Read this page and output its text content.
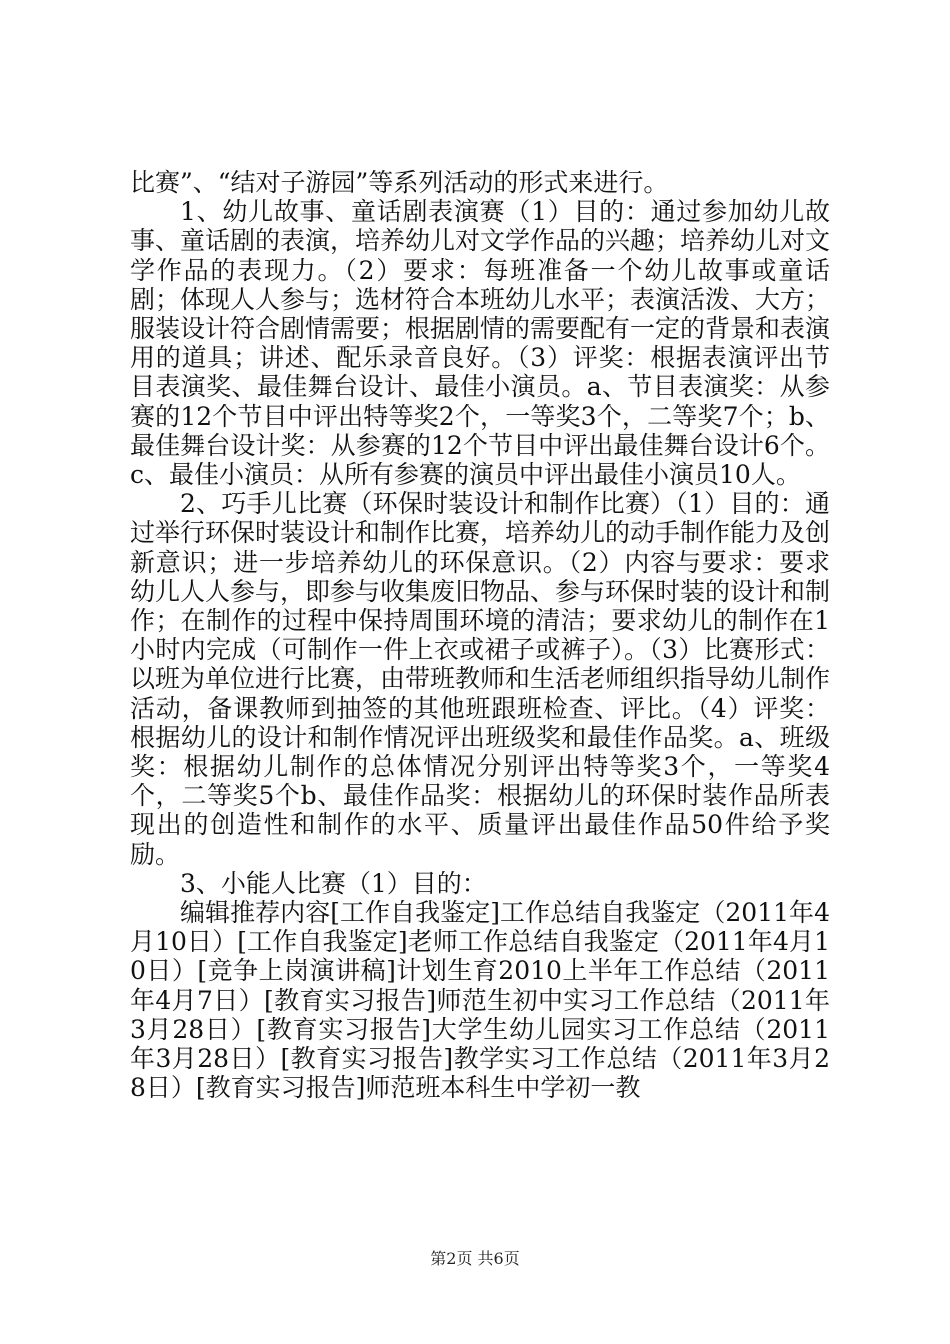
比赛”、“结对子游园”等系列活动的形式来进行。

1、幼儿故事、童话剧表演赛（1）目的：通过参加幼儿故事、童话剧的表演，培养幼儿对文学作品的兴趣；培养幼儿对文学作品的表现力。（2）要求：每班准备一个幼儿故事或童话剧；体现人人参与；选材符合本班幼儿水平；表演活泼、大方；服装设计符合剧情需要；根据剧情的需要配有一定的背景和表演用的道具；讲述、配乐录音良好。（3）评奖：根据表演评出节目表演奖、最佳舞台设计、最佳小演员。a、节目表演奖：从参赛的12个节目中评出特等奖2个，一等奖3个，二等奖7个；b、最佳舞台设计奖：从参赛的12个节目中评出最佳舞台设计6个。c、最佳小演员：从所有参赛的演员中评出最佳小演员10人。

2、巧手儿比赛（环保时装设计和制作比赛）（1）目的：通过举行环保时装设计和制作比赛，培养幼儿的动手制作能力及创新意识；进一步培养幼儿的环保意识。（2）内容与要求：要求幼儿人人参与，即参与收集废旧物品、参与环保时装的设计和制作；在制作的过程中保持周围环境的清洁；要求幼儿的制作在1小时内完成（可制作一件上衣或裙子或裤子）。（3）比赛形式：以班为单位进行比赛，由带班教师和生活老师组织指导幼儿制作活动，备课教师到抽签的其他班跟班检查、评比。（4）评奖：根据幼儿的设计和制作情况评出班级奖和最佳作品奖。a、班级奖：根据幼儿制作的总体情况分别评出特等奖3个，一等奖4个，二等奖5个b、最佳作品奖：根据幼儿的环保时装作品所表现出的创造性和制作的水平、质量评出最佳作品50件给予奖励。

3、小能人比赛（1）目的：

编辑推荐内容[工作自我鉴定]工作总结自我鉴定（2011年4月10日）[工作自我鉴定]老师工作总结自我鉴定（2011年4月10日）[竞争上岗演讲稿]计划生育2010上半年工作总结（2011年4月7日）[教育实习报告]师范生初中实习工作总结（2011年3月28日）[教育实习报告]大学生幼儿园实习工作总结（2011年3月28日）[教育实习报告]教学实习工作总结（2011年3月28日）[教育实习报告]师范班本科生中学初一教

第2页 共6页
